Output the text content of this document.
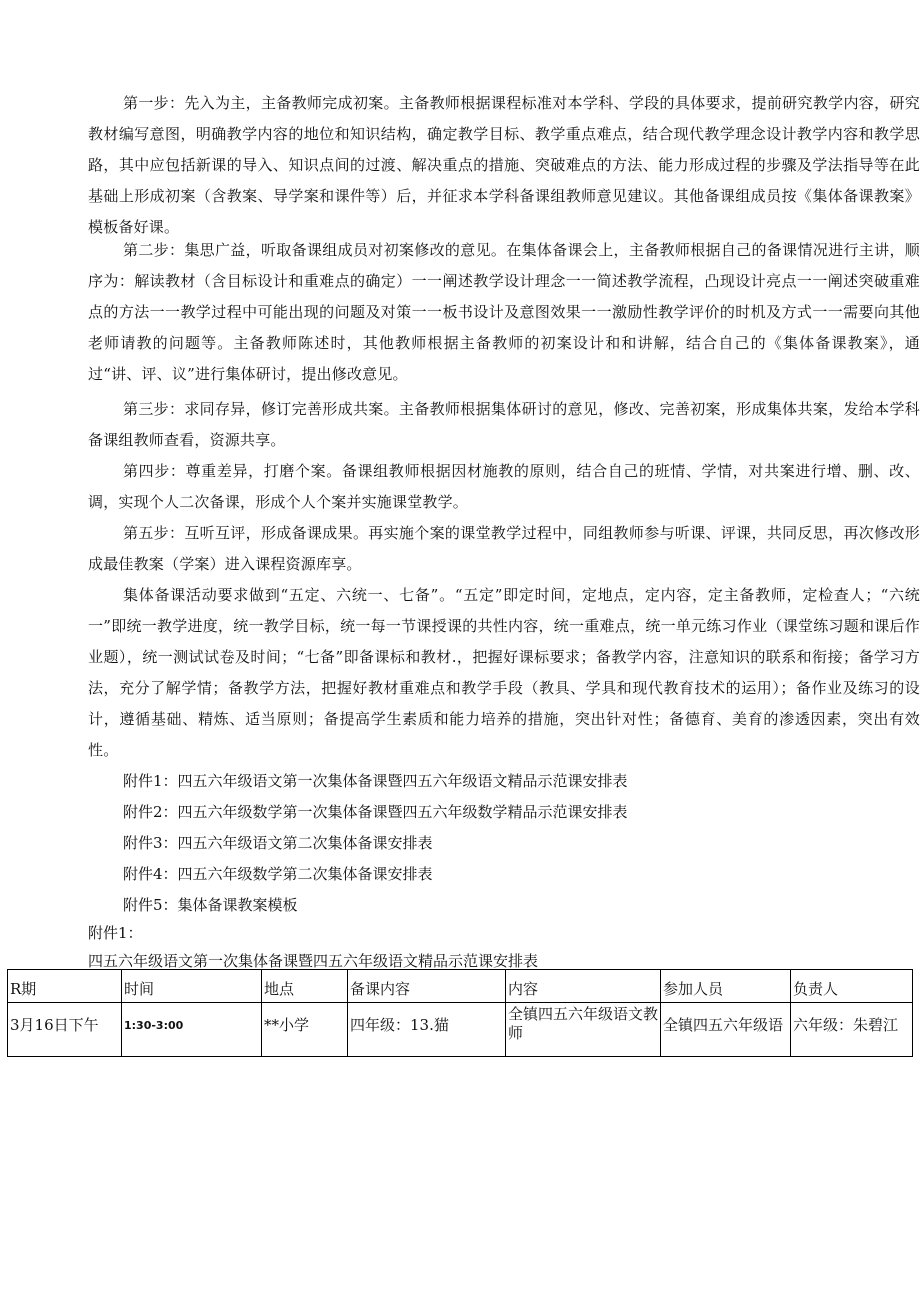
第一步：先入为主，主备教师完成初案。主备教师根据课程标准对本学科、学段的具体要求，提前研究教学内容，研究教材编写意图，明确教学内容的地位和知识结构，确定教学目标、教学重点难点，结合现代教学理念设计教学内容和教学思路，其中应包括新课的导入、知识点间的过渡、解决重点的措施、突破难点的方法、能力形成过程的步骤及学法指导等在此基础上形成初案（含教案、导学案和课件等）后，并征求本学科备课组教师意见建议。其他备课组成员按《集体备课教案》模板备好课。

第二步：集思广益，听取备课组成员对初案修改的意见。在集体备课会上，主备教师根据自己的备课情况进行主讲，顺序为：解读教材（含目标设计和重难点的确定）一一阐述教学设计理念一一简述教学流程，凸现设计亮点一一阐述突破重难点的方法一一教学过程中可能出现的问题及对策一一板书设计及意图效果一一激励性教学评价的时机及方式一一需要向其他老师请教的问题等。主备教师陈述时，其他教师根据主备教师的初案设计和和讲解，结合自己的《集体备课教案》，通过“讲、评、议”进行集体研讨，提出修改意见。

第三步：求同存异，修订完善形成共案。主备教师根据集体研讨的意见，修改、完善初案，形成集体共案，发给本学科备课组教师查看，资源共享。

第四步：尊重差异，打磨个案。备课组教师根据因材施教的原则，结合自己的班情、学情，对共案进行增、删、改、调，实现个人二次备课，形成个人个案并实施课堂教学。

第五步：互听互评，形成备课成果。再实施个案的课堂教学过程中，同组教师参与听课、评课，共同反思，再次修改形成最佳教案（学案）进入课程资源库享。

集体备课活动要求做到“五定、六统一、七备”。“五定”即定时间，定地点，定内容，定主备教师，定检查人；“六统一”即统一教学进度，统一教学目标，统一每一节课授课的共性内容，统一重难点，统一单元练习作业（课堂练习题和课后作业题），统一测试试卷及时间；“七备”即备课标和教材.，把握好课标要求；备教学内容，注意知识的联系和衔接；备学习方法，充分了解学情；备教学方法，把握好教材重难点和教学手段（教具、学具和现代教育技术的运用）；备作业及练习的设计，遵循基础、精炼、适当原则；备提高学生素质和能力培养的措施，突出针对性；备德育、美育的渗透因素，突出有效性。

附件1：四五六年级语文第一次集体备课暨四五六年级语文精品示范课安排表

附件2：四五六年级数学第一次集体备课暨四五六年级数学精品示范课安排表

附件3：四五六年级语文第二次集体备课安排表

附件4：四五六年级数学第二次集体备课安排表

附件5：集体备课教案模板

附件1：

四五六年级语文第一次集体备课暨四五六年级语文精品示范课安排表

R期	时间	地点	备课内容	内容	参加人员	负责人
3月16日下午	1:30-3:00	**小学	四年级：13.猫	全镇四五六年级语文教师	全镇四五六年级语	六年级：朱碧江
